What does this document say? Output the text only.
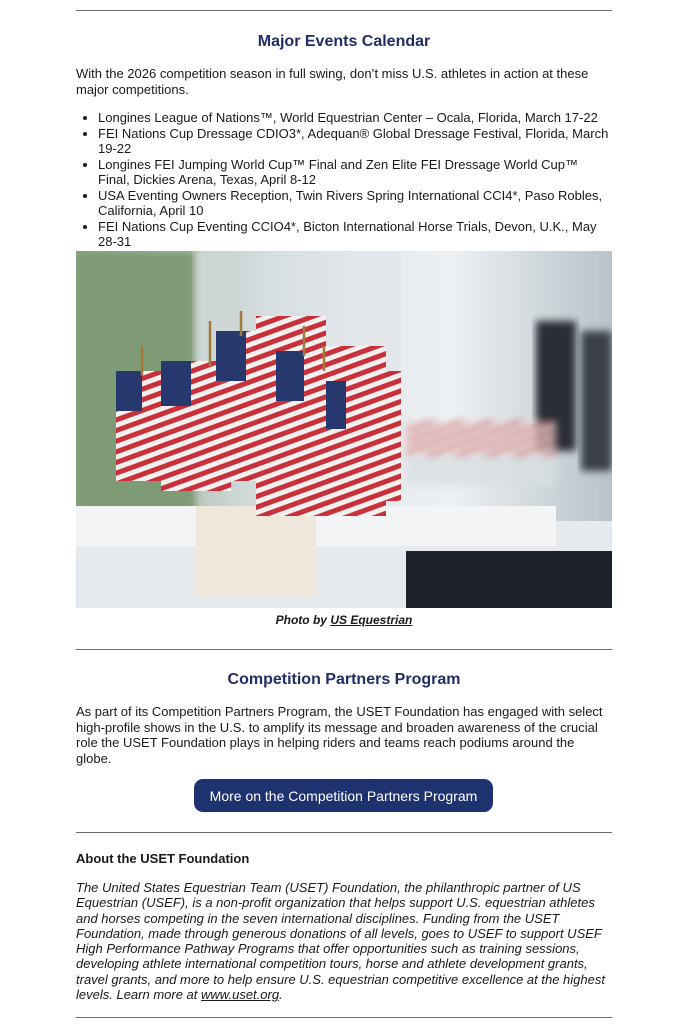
Major Events Calendar

With the 2026 competition season in full swing, don’t miss U.S. athletes in action at these major competitions.

• Longines League of Nations™, World Equestrian Center – Ocala, Florida, March 17-22
• FEI Nations Cup Dressage CDIO3*, Adequan® Global Dressage Festival, Florida, March 19-22
• Longines FEI Jumping World Cup™ Final and Zen Elite FEI Dressage World Cup™ Final, Dickies Arena, Texas, April 8-12
• USA Eventing Owners Reception, Twin Rivers Spring International CCI4*, Paso Robles, California, April 10
• FEI Nations Cup Eventing CCIO4*, Bicton International Horse Trials, Devon, U.K., May 28-31
Photo by US Equestrian
Competition Partners Program

As part of its Competition Partners Program, the USET Foundation has engaged with select high-profile shows in the U.S. to amplify its message and broaden awareness of the crucial role the USET Foundation plays in helping riders and teams reach podiums around the globe.

More on the Competition Partners Program
About the USET Foundation

The United States Equestrian Team (USET) Foundation, the philanthropic partner of US Equestrian (USEF), is a non-profit organization that helps support U.S. equestrian athletes and horses competing in the seven international disciplines. Funding from the USET Foundation, made through generous donations of all levels, goes to USEF to support USEF High Performance Pathway Programs that offer opportunities such as training sessions, developing athlete international competition tours, horse and athlete development grants, travel grants, and more to help ensure U.S. equestrian competitive excellence at the highest levels. Learn more at www.uset.org.
